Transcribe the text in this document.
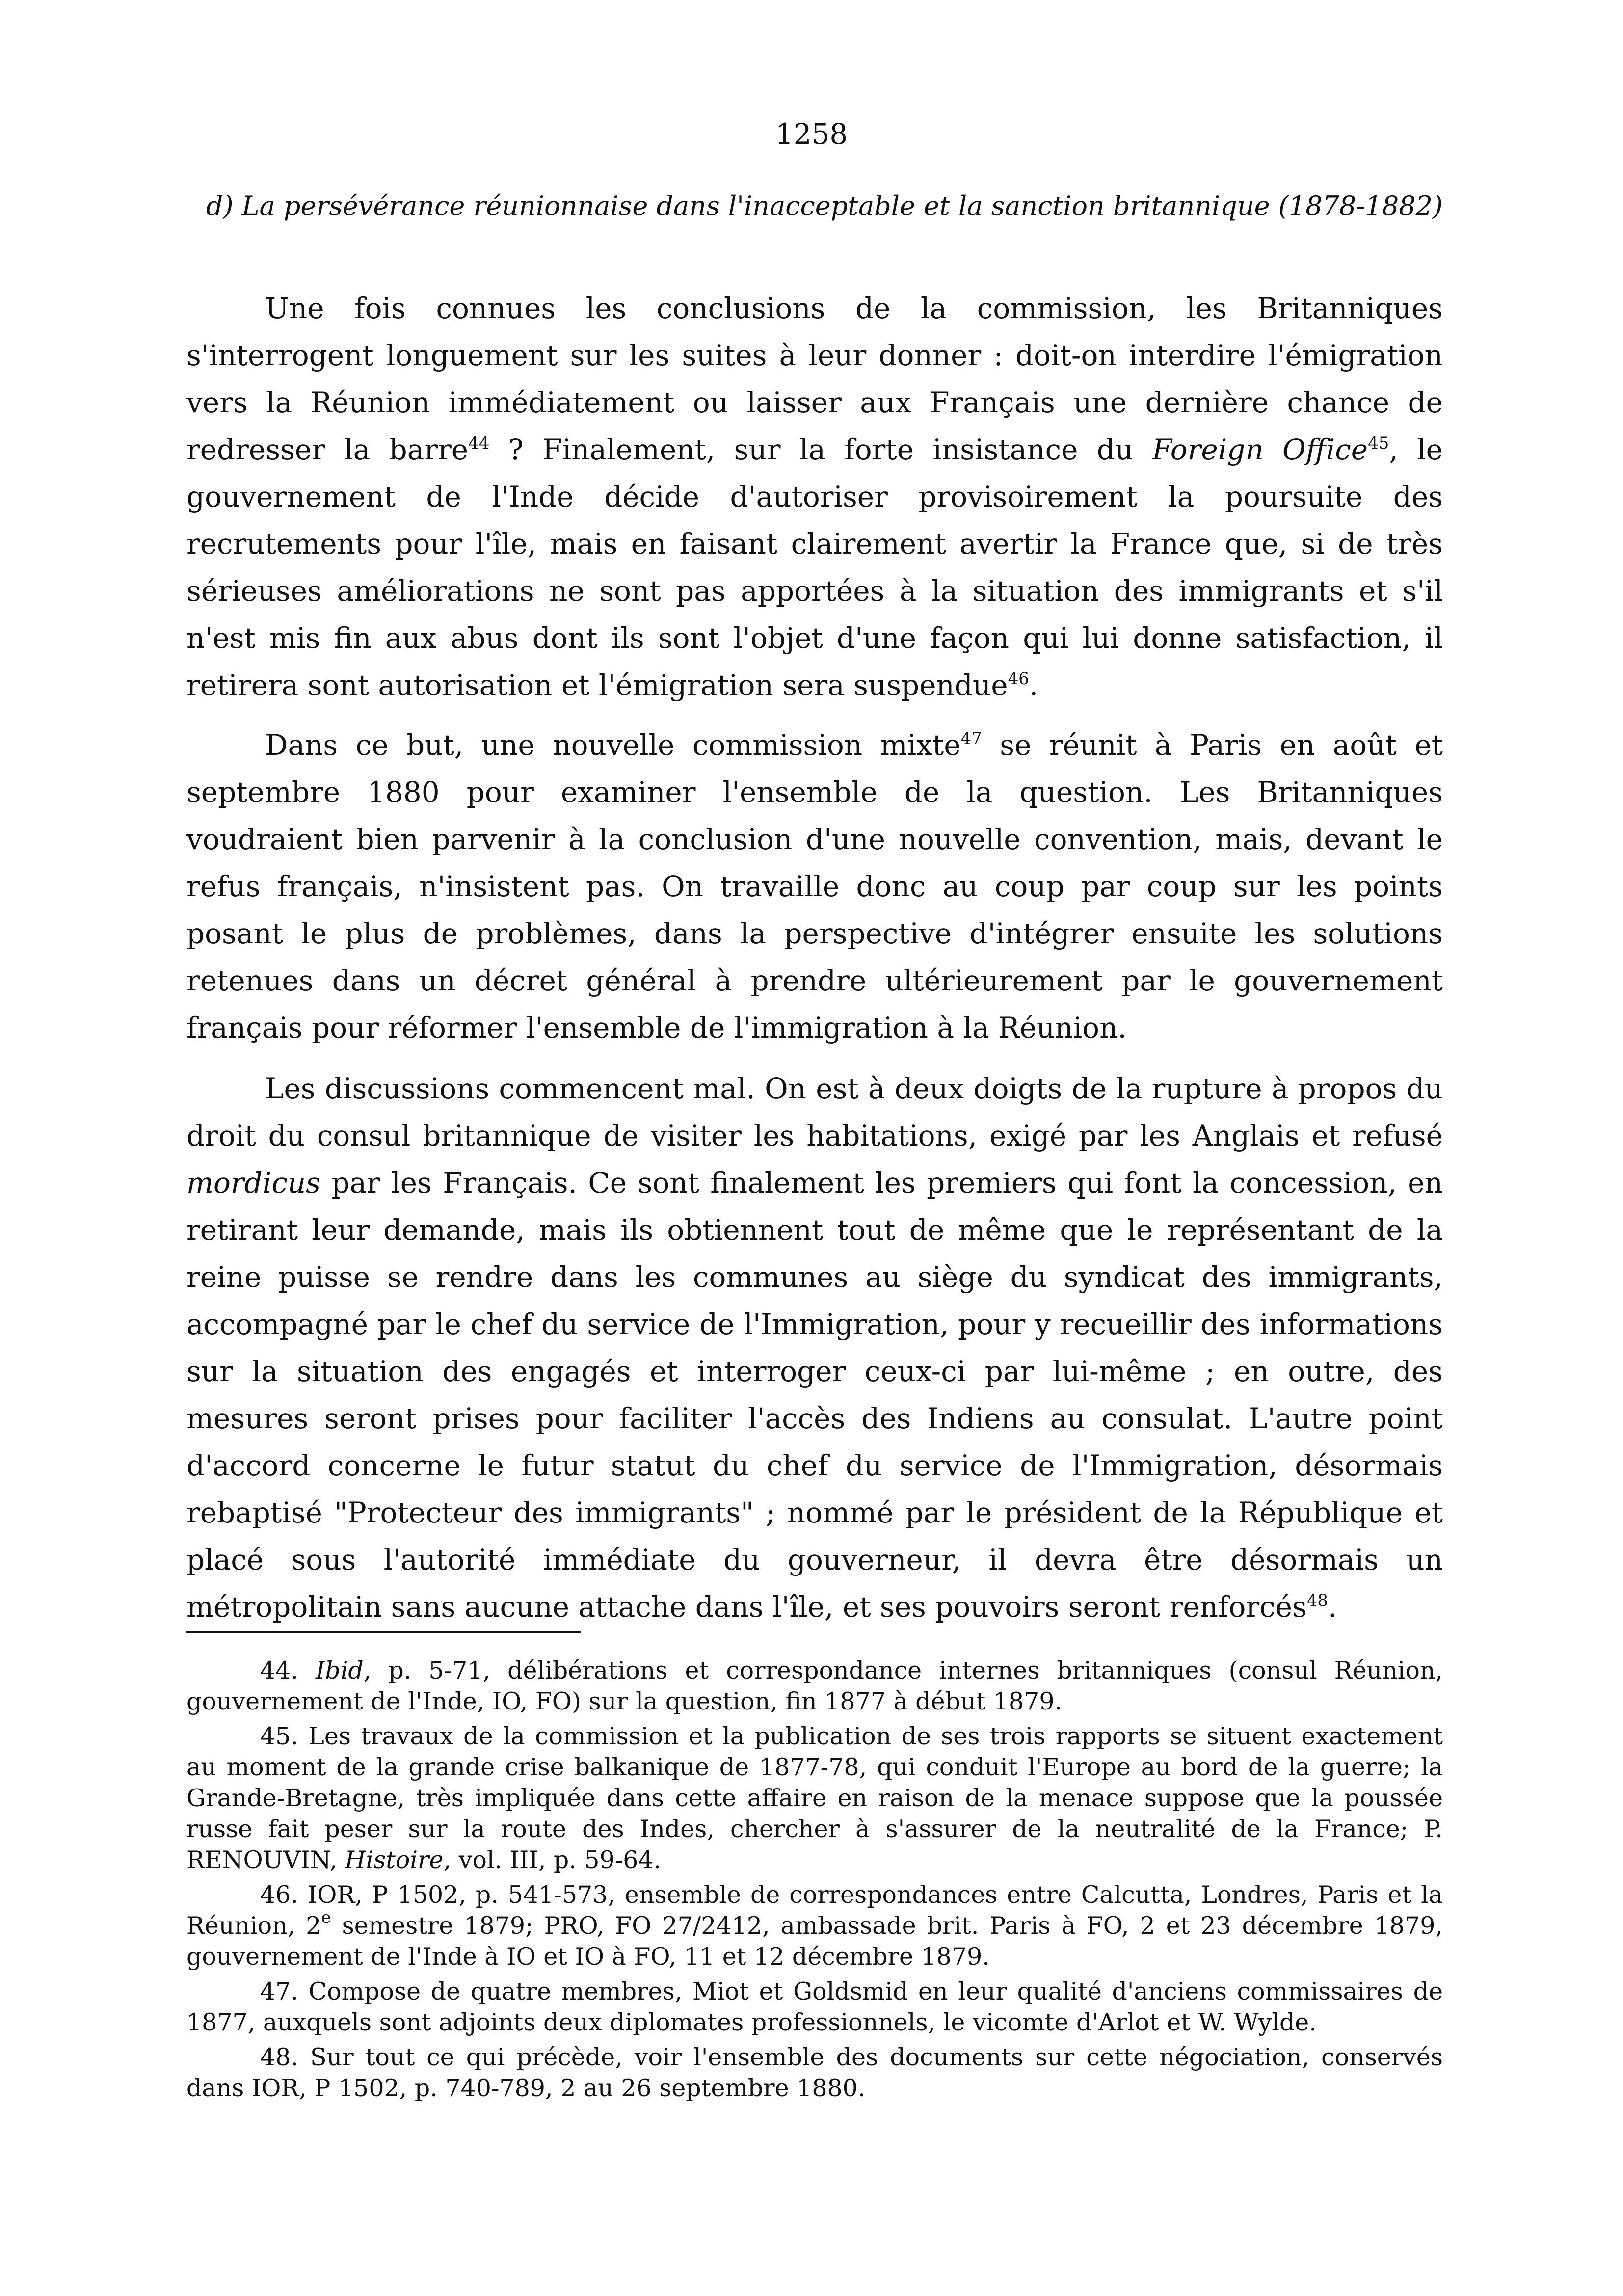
1258
d) La persévérance réunionnaise dans l'inacceptable et la sanction britannique (1878-1882)

Une fois connues les conclusions de la commission, les Britanniques s'interrogent longuement sur les suites à leur donner : doit-on interdire l'émigration vers la Réunion immédiatement ou laisser aux Français une dernière chance de redresser la barre$^{44}$ ? Finalement, sur la forte insistance du Foreign Office$^{45}$, le gouvernement de l'Inde décide d'autoriser provisoirement la poursuite des recrutements pour l'île, mais en faisant clairement avertir la France que, si de très sérieuses améliorations ne sont pas apportées à la situation des immigrants et s'il n'est mis fin aux abus dont ils sont l'objet d'une façon qui lui donne satisfaction, il retirera sont autorisation et l'émigration sera suspendue$^{46}$.

Dans ce but, une nouvelle commission mixte$^{47}$ se réunit à Paris en août et septembre 1880 pour examiner l'ensemble de la question. Les Britanniques voudraient bien parvenir à la conclusion d'une nouvelle convention, mais, devant le refus français, n'insistent pas. On travaille donc au coup par coup sur les points posant le plus de problèmes, dans la perspective d'intégrer ensuite les solutions retenues dans un décret général à prendre ultérieurement par le gouvernement français pour réformer l'ensemble de l'immigration à la Réunion.

Les discussions commencent mal. On est à deux doigts de la rupture à propos du droit du consul britannique de visiter les habitations, exigé par les Anglais et refusé mordicus par les Français. Ce sont finalement les premiers qui font la concession, en retirant leur demande, mais ils obtiennent tout de même que le représentant de la reine puisse se rendre dans les communes au siège du syndicat des immigrants, accompagné par le chef du service de l'Immigration, pour y recueillir des informations sur la situation des engagés et interroger ceux-ci par lui-même ; en outre, des mesures seront prises pour faciliter l'accès des Indiens au consulat. L'autre point d'accord concerne le futur statut du chef du service de l'Immigration, désormais rebaptisé "Protecteur des immigrants" ; nommé par le président de la République et placé sous l'autorité immédiate du gouverneur, il devra être désormais un métropolitain sans aucune attache dans l'île, et ses pouvoirs seront renforcés$^{48}$.

44. Ibid, p. 5-71, délibérations et correspondance internes britanniques (consul Réunion, gouvernement de l'Inde, IO, FO) sur la question, fin 1877 à début 1879.

45. Les travaux de la commission et la publication de ses trois rapports se situent exactement au moment de la grande crise balkanique de 1877-78, qui conduit l'Europe au bord de la guerre; la Grande-Bretagne, très impliquée dans cette affaire en raison de la menace suppose que la poussée russe fait peser sur la route des Indes, chercher à s'assurer de la neutralité de la France; P. RENOUVIN, Histoire, vol. III, p. 59-64.

46. IOR, P 1502, p. 541-573, ensemble de correspondances entre Calcutta, Londres, Paris et la Réunion, 2e semestre 1879; PRO, FO 27/2412, ambassade brit. Paris à FO, 2 et 23 décembre 1879, gouvernement de l'Inde à IO et IO à FO, 11 et 12 décembre 1879.

47. Compose de quatre membres, Miot et Goldsmid en leur qualité d'anciens commissaires de 1877, auxquels sont adjoints deux diplomates professionnels, le vicomte d'Arlot et W. Wylde.

48. Sur tout ce qui précède, voir l'ensemble des documents sur cette négociation, conservés dans IOR, P 1502, p. 740-789, 2 au 26 septembre 1880.
